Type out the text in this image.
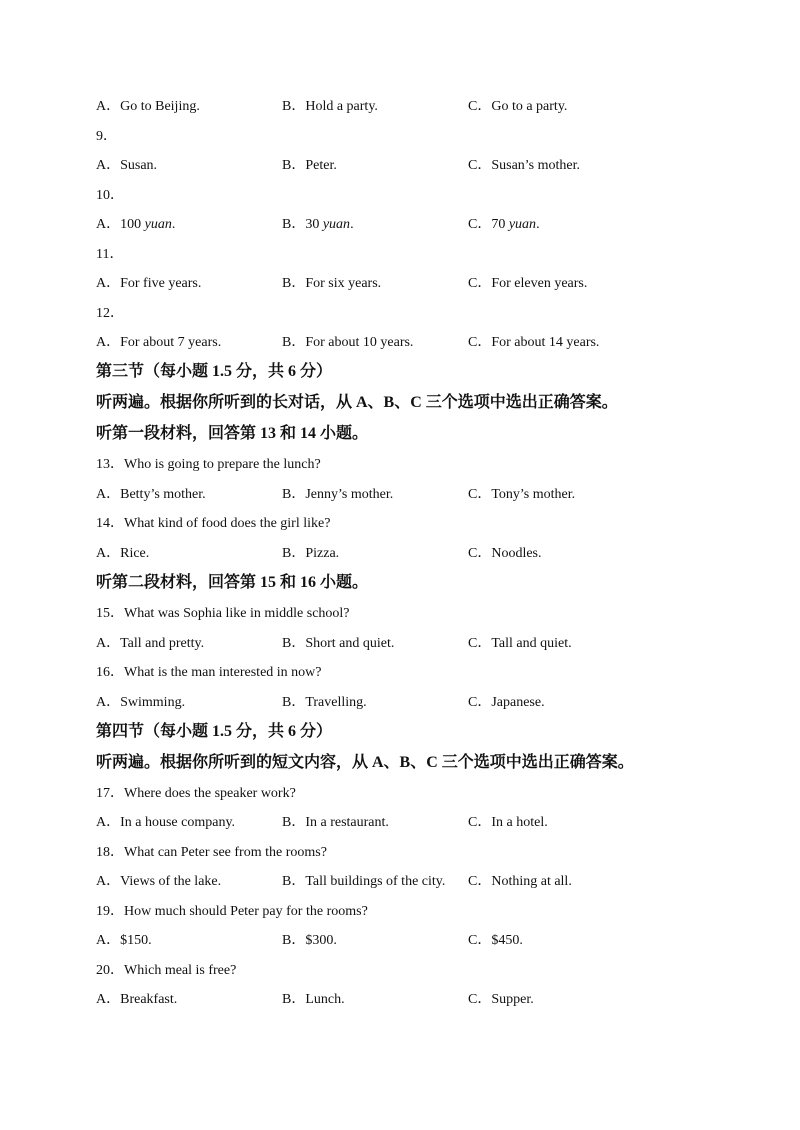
A．Go to Beijing.	B．Hold a party.	C．Go to a party.
9．
A．Susan.	B．Peter.	C．Susan’s mother.
10．
A．100 yuan.	B．30 yuan.	C．70 yuan.
11．
A．For five years.	B．For six years.	C．For eleven years.
12．
A．For about 7 years.	B．For about 10 years.	C．For about 14 years.
第三节（每小题 1.5 分，共 6 分）
听两遍。根据你所听到的长对话，从 A、B、C 三个选项中选出正确答案。
听第一段材料，回答第 13 和 14 小题。
13．Who is going to prepare the lunch?
A．Betty’s mother.	B．Jenny’s mother.	C．Tony’s mother.
14．What kind of food does the girl like?
A．Rice.	B．Pizza.	C．Noodles.
听第二段材料，回答第 15 和 16 小题。
15．What was Sophia like in middle school?
A．Tall and pretty.	B．Short and quiet.	C．Tall and quiet.
16．What is the man interested in now?
A．Swimming.	B．Travelling.	C．Japanese.
第四节（每小题 1.5 分，共 6 分）
听两遍。根据你所听到的短文内容，从 A、B、C 三个选项中选出正确答案。
17．Where does the speaker work?
A．In a house company.	B．In a restaurant.	C．In a hotel.
18．What can Peter see from the rooms?
A．Views of the lake.	B．Tall buildings of the city. C．Nothing at all.
19．How much should Peter pay for the rooms?
A．$150.	B．$300.	C．$450.
20．Which meal is free?
A．Breakfast.	B．Lunch.	C．Supper.
